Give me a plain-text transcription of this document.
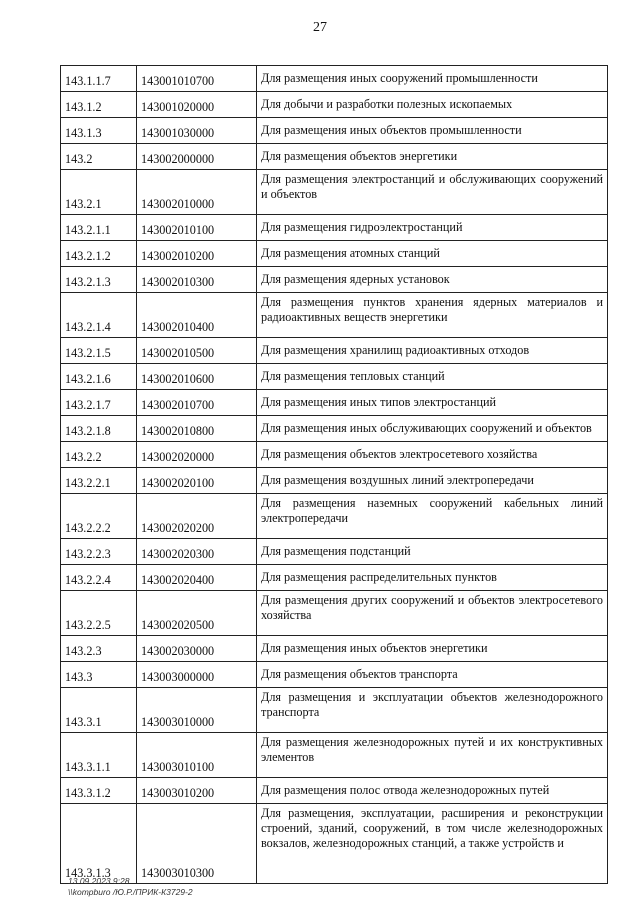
27
143.1.1.7	143001010700	Для размещения иных сооружений промышленности
143.1.2	143001020000	Для добычи и разработки полезных ископаемых
143.1.3	143001030000	Для размещения иных объектов промышленности
143.2	143002000000	Для размещения объектов энергетики
143.2.1	143002010000	Для размещения электростанций и обслуживающих сооружений и объектов
143.2.1.1	143002010100	Для размещения гидроэлектростанций
143.2.1.2	143002010200	Для размещения атомных станций
143.2.1.3	143002010300	Для размещения ядерных установок
143.2.1.4	143002010400	Для размещения пунктов хранения ядерных материалов и радиоактивных веществ энергетики
143.2.1.5	143002010500	Для размещения хранилищ радиоактивных отходов
143.2.1.6	143002010600	Для размещения тепловых станций
143.2.1.7	143002010700	Для размещения иных типов электростанций
143.2.1.8	143002010800	Для размещения иных обслуживающих сооружений и объектов
143.2.2	143002020000	Для размещения объектов электросетевого хозяйства
143.2.2.1	143002020100	Для размещения воздушных линий электропередачи
143.2.2.2	143002020200	Для размещения наземных сооружений кабельных линий электропередачи
143.2.2.3	143002020300	Для размещения подстанций
143.2.2.4	143002020400	Для размещения распределительных пунктов
143.2.2.5	143002020500	Для размещения других сооружений и объектов электросетевого хозяйства
143.2.3	143002030000	Для размещения иных объектов энергетики
143.3	143003000000	Для размещения объектов транспорта
143.3.1	143003010000	Для размещения и эксплуатации объектов железнодорожного транспорта
143.3.1.1	143003010100	Для размещения железнодорожных путей и их конструктивных элементов
143.3.1.2	143003010200	Для размещения полос отвода железнодорожных путей
143.3.1.3	143003010300	Для размещения, эксплуатации, расширения и реконструкции строений, зданий, сооружений, в том числе железнодорожных вокзалов, железнодорожных станций, а также устройств и
13.09.2023 9:28
\\kompburo /Ю.Р./ПРИК-К3729-2
